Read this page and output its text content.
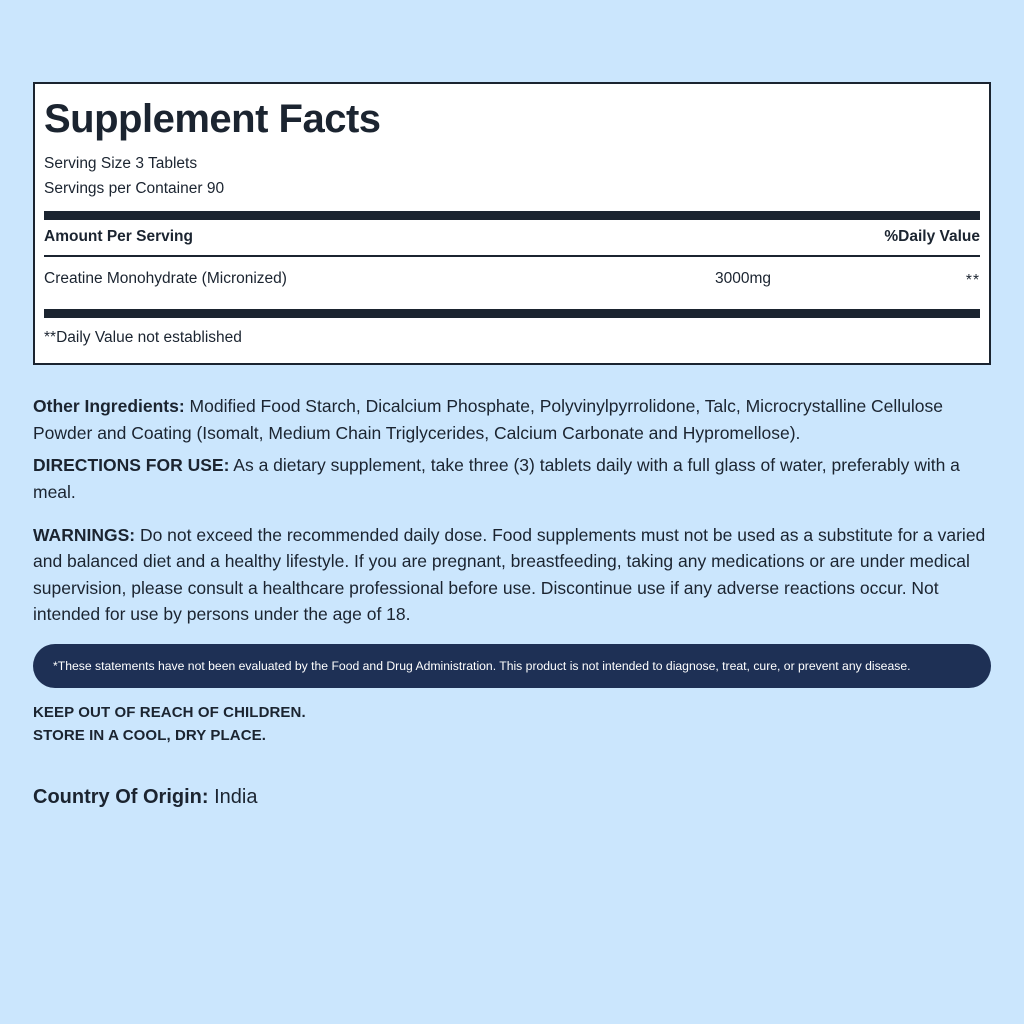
Supplement Facts
Serving Size 3 Tablets
Servings per Container 90
Amount Per Serving	%Daily Value
Creatine Monohydrate (Micronized)	3000mg	**
**Daily Value not established

Other Ingredients: Modified Food Starch, Dicalcium Phosphate, Polyvinylpyrrolidone, Talc, Microcrystalline Cellulose Powder and Coating (Isomalt, Medium Chain Triglycerides, Calcium Carbonate and Hypromellose).

DIRECTIONS FOR USE: As a dietary supplement, take three (3) tablets daily with a full glass of water, preferably with a meal.

WARNINGS: Do not exceed the recommended daily dose. Food supplements must not be used as a substitute for a varied and balanced diet and a healthy lifestyle. If you are pregnant, breastfeeding, taking any medications or are under medical supervision, please consult a healthcare professional before use. Discontinue use if any adverse reactions occur. Not intended for use by persons under the age of 18.

*These statements have not been evaluated by the Food and Drug Administration. This product is not intended to diagnose, treat, cure, or prevent any disease.
KEEP OUT OF REACH OF CHILDREN.
STORE IN A COOL, DRY PLACE.
Country Of Origin: India
